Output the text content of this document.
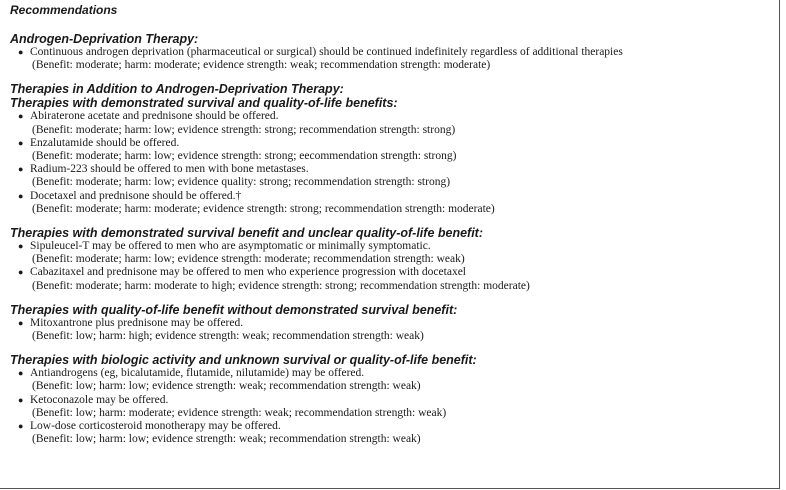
Recommendations
Androgen-Deprivation Therapy:
● Continuous androgen deprivation (pharmaceutical or surgical) should be continued indefinitely regardless of additional therapies
(Benefit: moderate; harm: moderate; evidence strength: weak; recommendation strength: moderate)
Therapies in Addition to Androgen-Deprivation Therapy:
Therapies with demonstrated survival and quality-of-life benefits:
● Abiraterone acetate and prednisone should be offered.
(Benefit: moderate; harm: low; evidence strength: strong; recommendation strength: strong)
● Enzalutamide should be offered.
(Benefit: moderate; harm: low; evidence strength: strong; eecommendation strength: strong)
● Radium-223 should be offered to men with bone metastases.
(Benefit: moderate; harm: low; evidence quality: strong; recommendation strength: strong)
● Docetaxel and prednisone should be offered.†
(Benefit: moderate; harm: moderate; evidence strength: strong; recommendation strength: moderate)
Therapies with demonstrated survival benefit and unclear quality-of-life benefit:
● Sipuleucel-T may be offered to men who are asymptomatic or minimally symptomatic.
(Benefit: moderate; harm: low; evidence strength: moderate; recommendation strength: weak)
● Cabazitaxel and prednisone may be offered to men who experience progression with docetaxel
(Benefit: moderate; harm: moderate to high; evidence strength: strong; recommendation strength: moderate)
Therapies with quality-of-life benefit without demonstrated survival benefit:
● Mitoxantrone plus prednisone may be offered.
(Benefit: low; harm: high; evidence strength: weak; recommendation strength: weak)
Therapies with biologic activity and unknown survival or quality-of-life benefit:
● Antiandrogens (eg, bicalutamide, flutamide, nilutamide) may be offered.
(Benefit: low; harm: low; evidence strength: weak; recommendation strength: weak)
● Ketoconazole may be offered.
(Benefit: low; harm: moderate; evidence strength: weak; recommendation strength: weak)
● Low-dose corticosteroid monotherapy may be offered.
(Benefit: low; harm: low; evidence strength: weak; recommendation strength: weak)
